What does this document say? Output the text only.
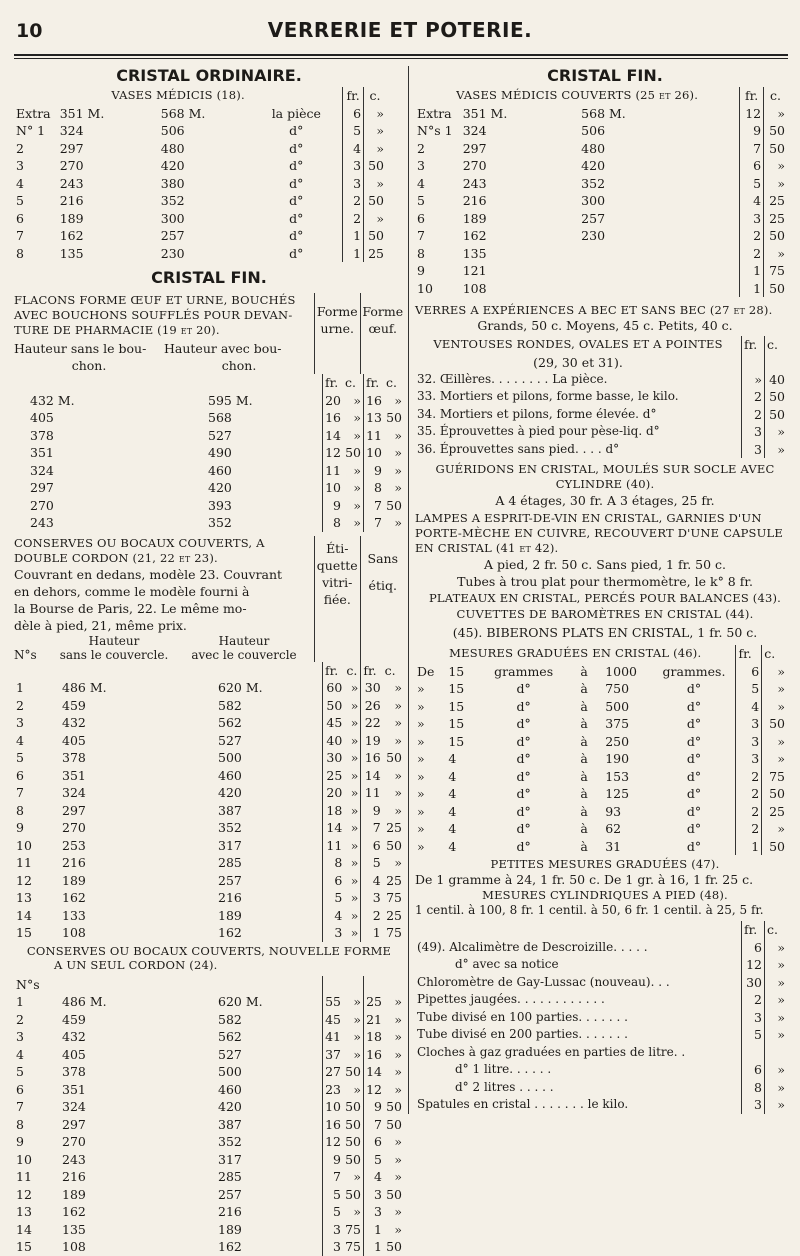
10	VERRERIE ET POTERIE.
CRISTAL ORDINAIRE.
VASES MÉDICIS (18).				fr.	c.
Extra	351 M.	568 M.	la pièce	6	»
N° 1	324	506	d°	5	»
2	297	480	d°	4	»
3	270	420	d°	3	50
4	243	380	d°	3	»
5	216	352	d°	2	50
6	189	300	d°	2	»
7	162	257	d°	1	50
8	135	230	d°	1	25
CRISTAL FIN.
FLACONS FORME ŒUF ET URNE, BOUCHÉS
AVEC BOUCHONS SOUFFLÉS POUR DEVAN-
TURE DE PHARMACIE (19 et 20).
Hauteur sans le bou-
chon.
Hauteur avec bou-
chon.
Forme
urne.
Forme
œuf.
		fr.	c.	fr.	c.
432 M.	595 M.	20	»	16	»
405	568	16	»	13	50
378	527	14	»	11	»
351	490	12	50	10	»
324	460	11	»	9	»
297	420	10	»	8	»
270	393	9	»	7	50
243	352	8	»	7	»
CONSERVES OU BOCAUX COUVERTS, A
DOUBLE CORDON (21, 22 et 23).
Couvrant en dedans, modèle 23. Couvrant
en dehors, comme le modèle fourni à
la Bourse de Paris, 22. Le même mo-
dèle à pied, 21, même prix.
N°s
Hauteur
sans le couvercle.
Hauteur
avec le couvercle
Éti-
quette
vitri-
fiée.
Sans
étiq.
			fr.	c.	fr.	c.
1	486 M.	620 M.	60	»	30	»
2	459	582	50	»	26	»
3	432	562	45	»	22	»
4	405	527	40	»	19	»
5	378	500	30	»	16	50
6	351	460	25	»	14	»
7	324	420	20	»	11	»
8	297	387	18	»	9	»
9	270	352	14	»	7	25
10	253	317	11	»	6	50
11	216	285	8	»	5	»
12	189	257	6	»	4	25
13	162	216	5	»	3	75
14	133	189	4	»	2	25
15	108	162	3	»	1	75
CONSERVES OU BOCAUX COUVERTS, NOUVELLE FORME
A UN SEUL CORDON (24).
N°s						
1	486 M.	620 M.	55	»	25	»
2	459	582	45	»	21	»
3	432	562	41	»	18	»
4	405	527	37	»	16	»
5	378	500	27	50	14	»
6	351	460	23	»	12	»
7	324	420	10	50	9	50
8	297	387	16	50	7	50
9	270	352	12	50	6	»
10	243	317	9	50	5	»
11	216	285	7	»	4	»
12	189	257	5	50	3	50
13	162	216	5	»	3	»
14	135	189	3	75	1	»
15	108	162	3	75	1	50
CRISTAL FIN.
VASES MÉDICIS COUVERTS (25 et 26).			fr.	c.
Extra	351 M.	568 M.	12	»
N°s 1	324	506	9	50
2	297	480	7	50
3	270	420	6	»
4	243	352	5	»
5	216	300	4	25
6	189	257	3	25
7	162	230	2	50
8	135		2	»
9	121		1	75
10	108		1	50
VERRES A EXPÉRIENCES A BEC ET SANS BEC (27 et 28).
Grands, 50 c. Moyens, 45 c. Petits, 40 c.
VENTOUSES RONDES, OVALES ET A POINTES	fr.	c.
(29, 30 et 31).		
32. Œillères. . . . . . . . La pièce.	»	40
33. Mortiers et pilons, forme basse, le kilo.	2	50
34. Mortiers et pilons, forme élevée. d°	2	50
35. Éprouvettes à pied pour pèse-liq. d°	3	»
36. Éprouvettes sans pied. . . . d°	3	»
GUÉRIDONS EN CRISTAL, MOULÉS SUR SOCLE AVEC
CYLINDRE (40).
A 4 étages, 30 fr. A 3 étages, 25 fr.
LAMPES A ESPRIT-DE-VIN EN CRISTAL, GARNIES D'UN
PORTE-MÈCHE EN CUIVRE, RECOUVERT D'UNE CAPSULE
EN CRISTAL (41 et 42).
A pied, 2 fr. 50 c. Sans pied, 1 fr. 50 c.
Tubes à trou plat pour thermomètre, le k° 8 fr.
PLATEAUX EN CRISTAL, PERCÉS POUR BALANCES (43).
CUVETTES DE BAROMÈTRES EN CRISTAL (44).
(45). BIBERONS PLATS EN CRISTAL, 1 fr. 50 c.
MESURES GRADUÉES EN CRISTAL (46).						fr.	c.
De	15	grammes	à	1000	grammes.	6	»
»	15	d°	à	750	d°	5	»
»	15	d°	à	500	d°	4	»
»	15	d°	à	375	d°	3	50
»	15	d°	à	250	d°	3	»
»	4	d°	à	190	d°	3	»
»	4	d°	à	153	d°	2	75
»	4	d°	à	125	d°	2	50
»	4	d°	à	93	d°	2	25
»	4	d°	à	62	d°	2	»
»	4	d°	à	31	d°	1	50
PETITES MESURES GRADUÉES (47).
De 1 gramme à 24, 1 fr. 50 c. De 1 gr. à 16, 1 fr. 25 c.
MESURES CYLINDRIQUES A PIED (48).
1 centil. à 100, 8 fr. 1 centil. à 50, 6 fr. 1 centil. à 25, 5 fr.
	fr.	c.
(49). Alcalimètre de Descroizille. . . . .	6	»
d° avec sa notice	12	»
Chloromètre de Gay-Lussac (nouveau). . .	30	»
Pipettes jaugées. . . . . . . . . . . .	2	»

Tube divisé en 100 parties. . . . . . .	3	»
Tube divisé en 200 parties. . . . . . .	5	»

Cloches à gaz graduées en parties de litre. .		
d° 1 litre. . . . . .	6	»
d° 2 litres . . . . .	8	»
Spatules en cristal . . . . . . . le kilo.	3	»
